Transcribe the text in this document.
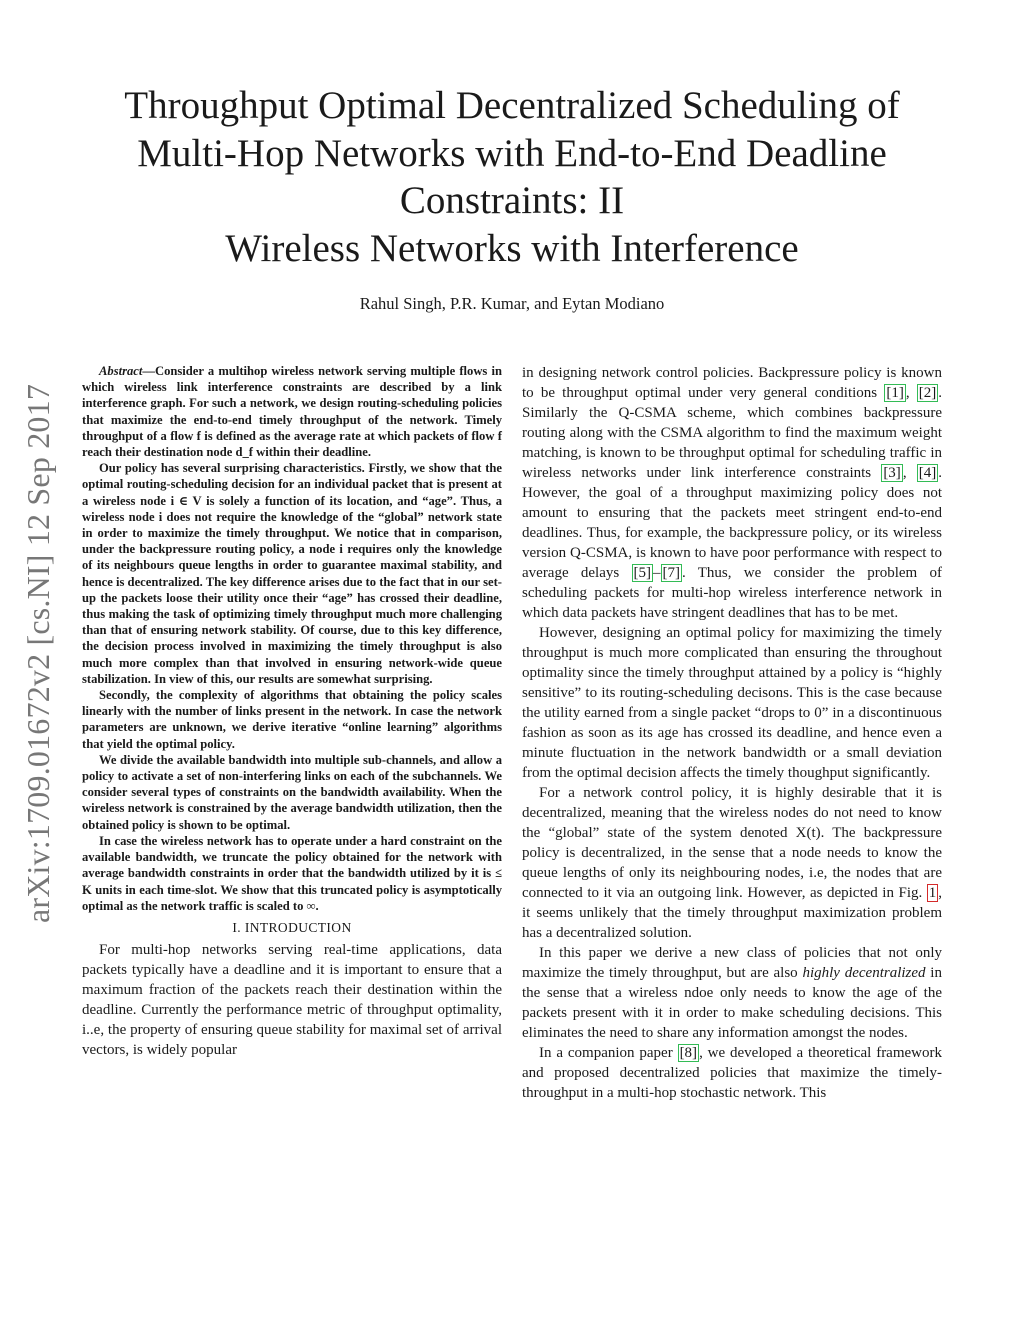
arXiv:1709.01672v2 [cs.NI] 12 Sep 2017
Throughput Optimal Decentralized Scheduling of
Multi-Hop Networks with End-to-End Deadline
Constraints: II
Wireless Networks with Interference
Rahul Singh, P.R. Kumar, and Eytan Modiano

Abstract—Consider a multihop wireless network serving multiple flows in which wireless link interference constraints are described by a link interference graph. For such a network, we design routing-scheduling policies that maximize the end-to-end timely throughput of the network. Timely throughput of a flow f is defined as the average rate at which packets of flow f reach their destination node d_f within their deadline.

Our policy has several surprising characteristics. Firstly, we show that the optimal routing-scheduling decision for an individual packet that is present at a wireless node i ∈ V is solely a function of its location, and “age”. Thus, a wireless node i does not require the knowledge of the “global” network state in order to maximize the timely throughput. We notice that in comparison, under the backpressure routing policy, a node i requires only the knowledge of its neighbours queue lengths in order to guarantee maximal stability, and hence is decentralized. The key difference arises due to the fact that in our set-up the packets loose their utility once their “age” has crossed their deadline, thus making the task of optimizing timely throughput much more challenging than that of ensuring network stability. Of course, due to this key difference, the decision process involved in maximizing the timely throughput is also much more complex than that involved in ensuring network-wide queue stabilization. In view of this, our results are somewhat surprising.

Secondly, the complexity of algorithms that obtaining the policy scales linearly with the number of links present in the network. In case the network parameters are unknown, we derive iterative “online learning” algorithms that yield the optimal policy.

We divide the available bandwidth into multiple sub-channels, and allow a policy to activate a set of non-interfering links on each of the subchannels. We consider several types of constraints on the bandwidth availability. When the wireless network is constrained by the average bandwidth utilization, then the obtained policy is shown to be optimal.

In case the wireless network has to operate under a hard constraint on the available bandwidth, we truncate the policy obtained for the network with average bandwidth constraints in order that the bandwidth utilized by it is ≤ K units in each time-slot. We show that this truncated policy is asymptotically optimal as the network traffic is scaled to ∞.

I. INTRODUCTION

For multi-hop networks serving real-time applications, data packets typically have a deadline and it is important to ensure that a maximum fraction of the packets reach their destination within the deadline. Currently the performance metric of throughput optimality, i..e, the property of ensuring queue stability for maximal set of arrival vectors, is widely popular

in designing network control policies. Backpressure policy is known to be throughput optimal under very general conditions [1] , [2] . Similarly the Q-CSMA scheme, which combines backpressure routing along with the CSMA algorithm to find the maximum weight matching, is known to be throughput optimal for scheduling traffic in wireless networks under link interference constraints [3] , [4] . However, the goal of a throughput maximizing policy does not amount to ensuring that the packets meet stringent end-to-end deadlines. Thus, for example, the backpressure policy, or its wireless version Q-CSMA, is known to have poor performance with respect to average delays [5] – [7] . Thus, we consider the problem of scheduling packets for multi-hop wireless interference network in which data packets have stringent deadlines that has to be met.

However, designing an optimal policy for maximizing the timely throughput is much more complicated than ensuring the throughout optimality since the timely throughput attained by a policy is “highly sensitive” to its routing-scheduling decisons. This is the case because the utility earned from a single packet “drops to 0” in a discontinuous fashion as soon as its age has crossed its deadline, and hence even a minute fluctuation in the network bandwidth or a small deviation from the optimal decision affects the timely thoughput significantly.

For a network control policy, it is highly desirable that it is decentralized, meaning that the wireless nodes do not need to know the “global” state of the system denoted X(t). The backpressure policy is decentralized, in the sense that a node needs to know the queue lengths of only its neighbouring nodes, i.e, the nodes that are connected to it via an outgoing link. However, as depicted in Fig. 1 , it seems unlikely that the timely throughput maximization problem has a decentralized solution.

In this paper we derive a new class of policies that not only maximize the timely throughput, but are also highly decentralized in the sense that a wireless ndoe only needs to know the age of the packets present with it in order to make scheduling decisions. This eliminates the need to share any information amongst the nodes.

In a companion paper [8] , we developed a theoretical framework and proposed decentralized policies that maximize the timely-throughput in a multi-hop stochastic network. This
